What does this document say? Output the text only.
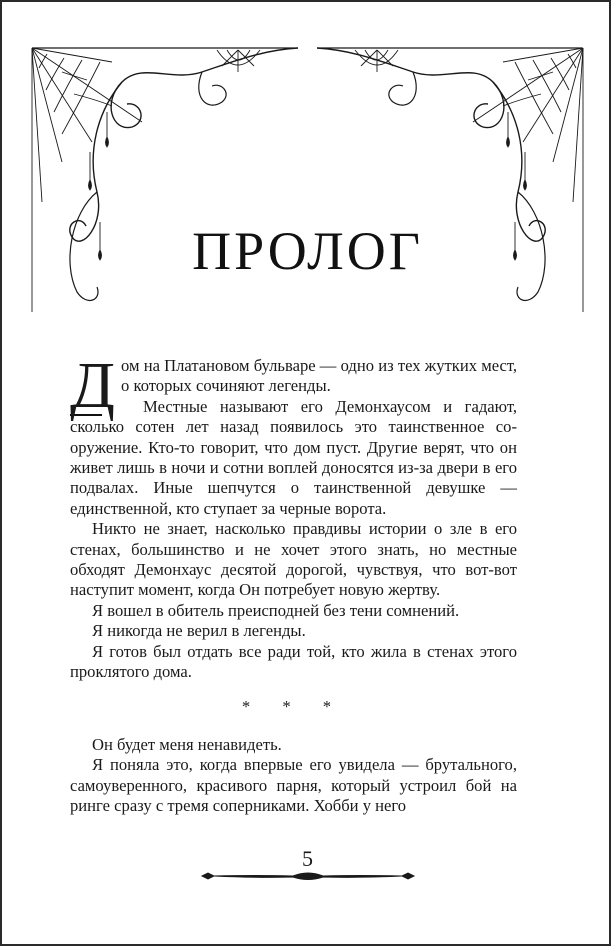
ПРОЛОГ

Дом на Платановом бульваре — одно из тех жутких мест, о которых сочиняют легенды.

Местные называют его Демонхаусом и гадают, сколько сотен лет назад появилось это таинственное сооружение. Кто-то говорит, что дом пуст. Другие верят, что он живет лишь в ночи и сотни воплей доносятся из-за двери в его подвалах. Иные шепчутся о таинственной девушке — единственной, кто ступает за черные ворота.

Никто не знает, насколько правдивы истории о зле в его стенах, большинство и не хочет этого знать, но местные обходят Демонхаус десятой дорогой, чувствуя, что вот-вот наступит момент, когда Он потребует новую жертву.

Я вошел в обитель преисподней без тени сомнений.

Я никогда не верил в легенды.

Я готов был отдать все ради той, кто жила в стенах этого проклятого дома.

* * *

Он будет меня ненавидеть.

Я поняла это, когда впервые его увидела — брутального, самоуверенного, красивого парня, который устроил бой на ринге сразу с тремя соперниками. Хобби у него

5
